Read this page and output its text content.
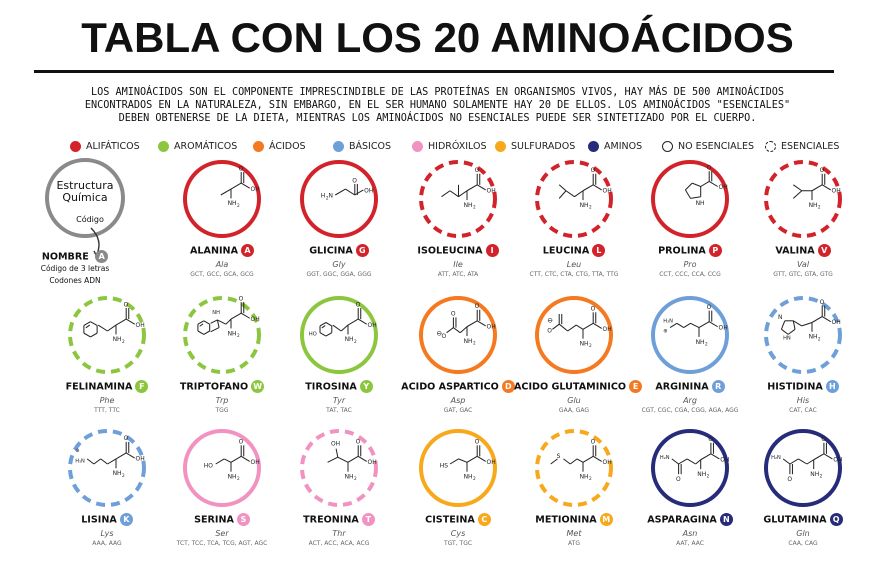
TABLA CON LOS 20 AMINOÁCIDOS
LOS AMINOÁCIDOS SON EL COMPONENTE IMPRESCINDIBLE DE LAS PROTEÍNAS EN ORGANISMOS VIVOS, HAY MÁS DE 500 AMINOÁCIDOS
ENCONTRADOS EN LA NATURALEZA, SIN EMBARGO, EN EL SER HUMANO SOLAMENTE HAY 20 DE ELLOS. LOS AMINOÁCIDOS "ESENCIALES"
DEBEN OBTENERSE DE LA DIETA, MIENTRAS LOS AMINOÁCIDOS NO ESENCIALES PUEDE SER SINTETIZADO POR EL CUERPO.
ALIFÁTICOS	AROMÁTICOS	ÁCIDOS	BÁSICOS	HIDRÓXILOS	SULFURADOS	AMINOS	NO ESENCIALES	ESENCIALES
Estructura
Química
Código
NOMBRE A
Código de 3 letras
Codones ADN
O
OH
NH 2
ALANINA A
Ala
GCT, GCC, GCA, GCG
H 2 N
O
OH
GLICINA G
Gly
GGT, GGC, GGA, GGG
O
OH
NH 2
ISOLEUCINA I
Ile
ATT, ATC, ATA
O
OH
NH 2
LEUCINA L
Leu
CTT, CTC, CTA, CTG, TTA, TTG
NH
O
OH
PROLINA P
Pro
CCT, CCC, CCA, CCG
O
OH
NH 2
VALINA V
Val
GTT, GTC, GTA, GTG
O
OH
NH 2
FELINAMINA F
Phe
TTT, TTC
NH
O
OH
NH 2
TRIPTOFANO W
Trp
TGG
HO
O
OH
NH 2
TIROSINA Y
Tyr
TAT, TAC
⊖ O
O
O
OH
NH 2
ACIDO ASPARTICO D
Asp
GAT, GAC
⊖
O
O
OH
NH 2
ACIDO GLUTAMINICO E
Glu
GAA, GAG
H₂N
⊕
O
OH
NH 2
ARGININA R
Arg
CGT, CGC, CGA, CGG, AGA, AGG
N
HN
O
OH
NH 2
HISTIDINA H
His
CAT, CAC
⊕
H₃N
O
OH
NH 2
LISINA K
Lys
AAA, AAG
HO
O
OH
NH 2
SERINA S
Ser
TCT, TCC, TCA, TCG, AGT, AGC
OH O
OH
NH 2
TREONINA T
Thr
ACT, ACC, ACA, ACG
HS
O
OH
NH 2
CISTEINA C
Cys
TGT, TGC
S
O
OH
NH 2
METIONINA M
Met
ATG
H₂N
O
O
OH
NH 2
ASPARAGINA N
Asn
AAT, AAC
H₂N
O
O
OH
NH 2
GLUTAMINA Q
Gln
CAA, CAG
